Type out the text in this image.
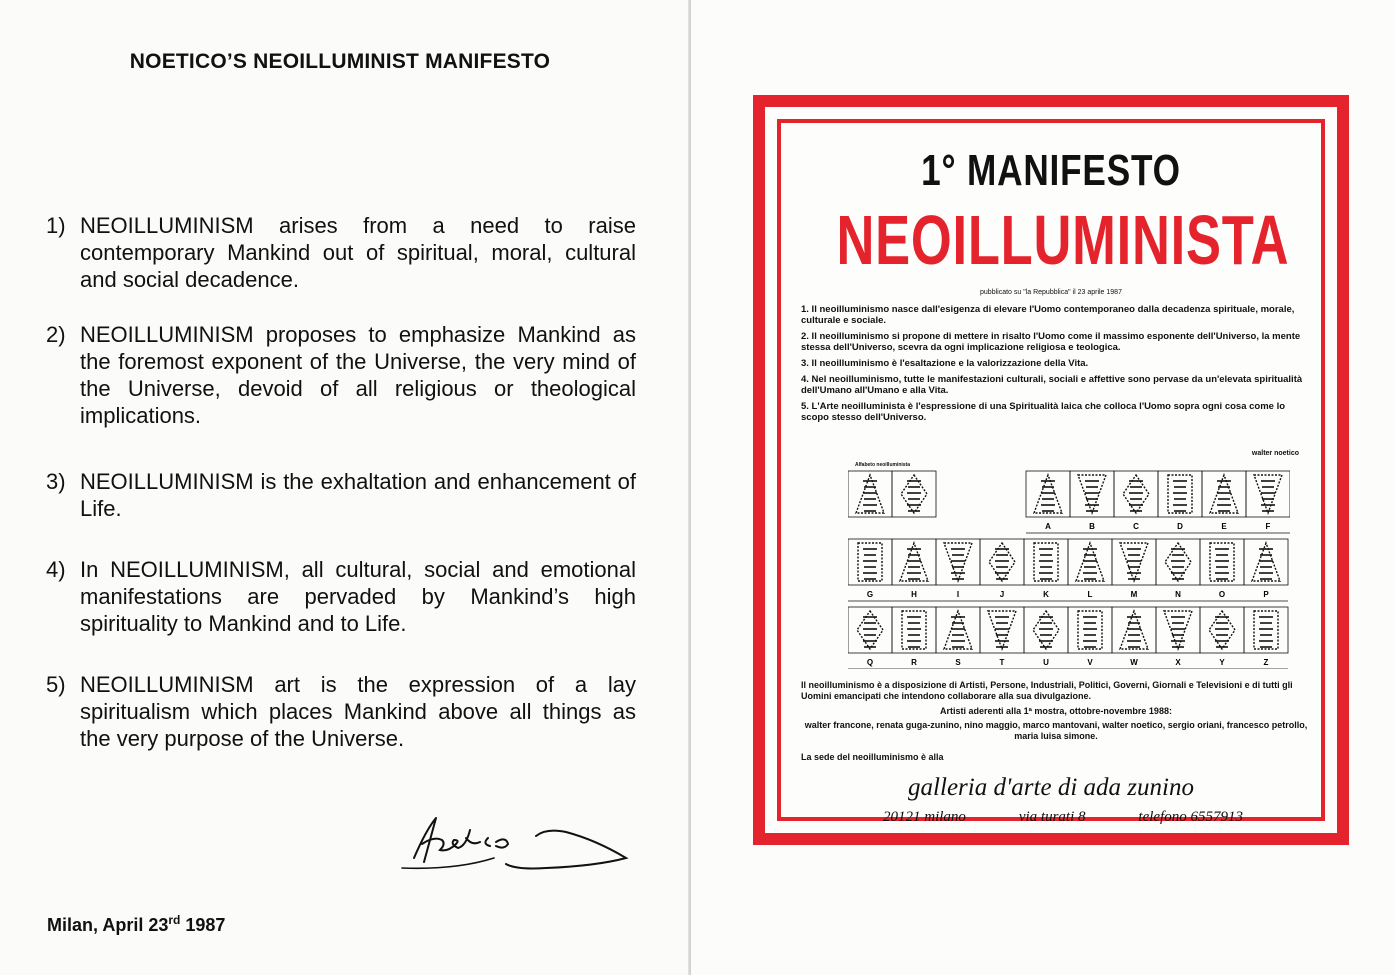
NOETICO’S NEOILLUMINIST MANIFESTO
1) NEOILLUMINISM arises from a need to raise contemporary Mankind out of spiritual, moral, cultural and social decadence.
2) NEOILLUMINISM proposes to emphasize Mankind as the foremost exponent of the Universe, the very mind of the Universe, devoid of all religious or theological implications.
3) NEOILLUMINISM is the exhaltation and enhancement of Life.
4) In NEOILLUMINISM, all cultural, social and emotional manifestations are pervaded by Mankind’s high spirituality to Mankind and to Life.
5) NEOILLUMINISM art is the expression of a lay spiritualism which places Mankind above all things as the very purpose of the Universe.
Milan, April 23rd 1987
1° MANIFESTO
NEOILLUMINISTA
pubblicato su "la Repubblica" il 23 aprile 1987
1. Il neoilluminismo nasce dall'esigenza di elevare l'Uomo contemporaneo dalla decadenza spirituale, morale, culturale e sociale.
2. Il neoilluminismo si propone di mettere in risalto l'Uomo come il massimo esponente dell'Universo, la mente stessa dell'Universo, scevra da ogni implicazione religiosa e teologica.
3. Il neoilluminismo è l'esaltazione e la valorizzazione della Vita.
4. Nel neoilluminismo, tutte le manifestazioni culturali, sociali e affettive sono pervase da un'elevata spiritualità dell'Umano all'Umano e alla Vita.
5. L'Arte neoilluminista è l'espressione di una Spiritualità laica che colloca l'Uomo sopra ogni cosa come lo scopo stesso dell'Universo.
walter noetico
Alfabeto neoilluminista
A	B	C	D	E	F
G	H	I	J	K	L	M	N	O	P
Q	R	S	T	U	V	W	X	Y	Z

Il neoilluminismo è a disposizione di Artisti, Persone, Industriali, Politici, Governi, Giornali e Televisioni e di tutti gli Uomini emancipati che intendono collaborare alla sua divulgazione.

Artisti aderenti alla 1ª mostra, ottobre-novembre 1988:
walter francone, renata guga-zunino, nino maggio, marco mantovani, walter noetico, sergio oriani, francesco petrollo, maria luisa simone.
La sede del neoilluminismo è alla
galleria d'arte di ada zunino
20121 milano	via turati 8	telefono 6557913
